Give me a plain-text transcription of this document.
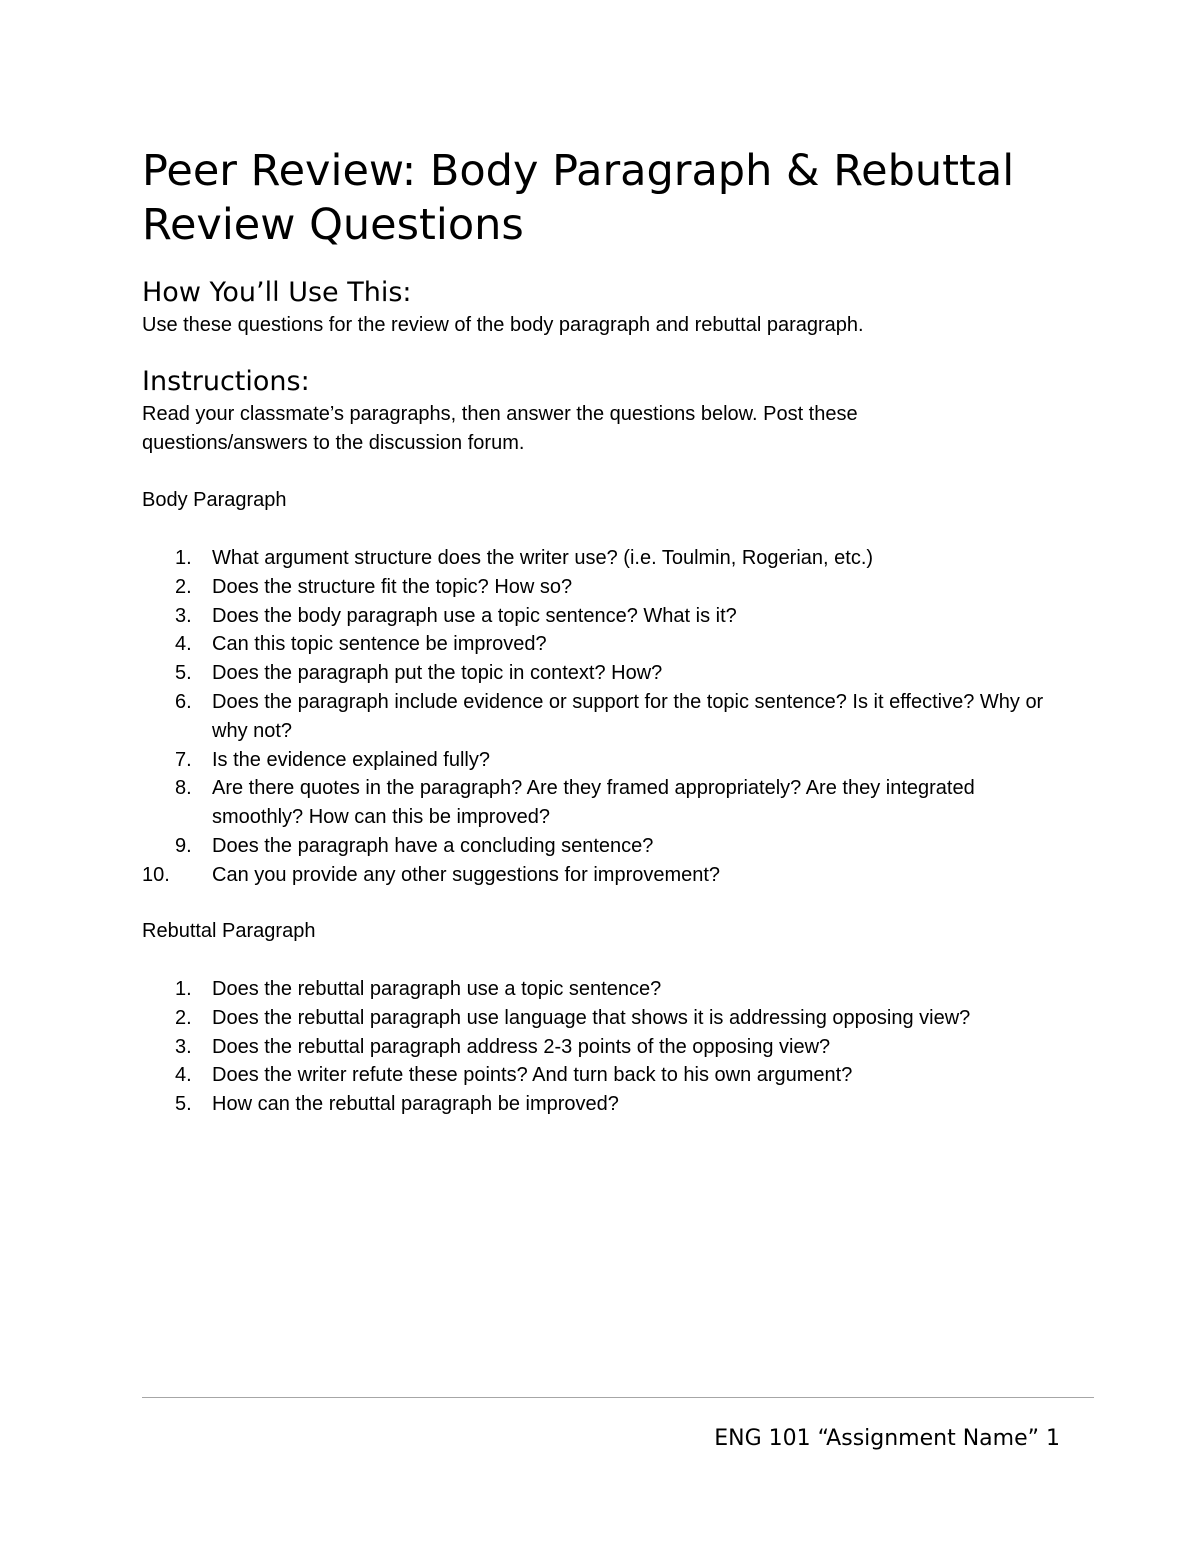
Peer Review: Body Paragraph & Rebuttal Review Questions
How You’ll Use This:

Use these questions for the review of the body paragraph and rebuttal paragraph.

Instructions:

Read your classmate’s paragraphs, then answer the questions below. Post these questions/answers to the discussion forum.

Body Paragraph

1.	What argument structure does the writer use? (i.e. Toulmin, Rogerian, etc.)
2.	Does the structure fit the topic? How so?
3.	Does the body paragraph use a topic sentence? What is it?
4.	Can this topic sentence be improved?
5.	Does the paragraph put the topic in context? How?
6.	Does the paragraph include evidence or support for the topic sentence? Is it effective? Why or why not?
7.	Is the evidence explained fully?
8.	Are there quotes in the paragraph? Are they framed appropriately? Are they integrated smoothly? How can this be improved?
9.	Does the paragraph have a concluding sentence?
10.	Can you provide any other suggestions for improvement?

Rebuttal Paragraph

1.	Does the rebuttal paragraph use a topic sentence?
2.	Does the rebuttal paragraph use language that shows it is addressing opposing view?
3.	Does the rebuttal paragraph address 2-3 points of the opposing view?
4.	Does the writer refute these points? And turn back to his own argument?
5.	How can the rebuttal paragraph be improved?

ENG 101 “Assignment Name” 1
